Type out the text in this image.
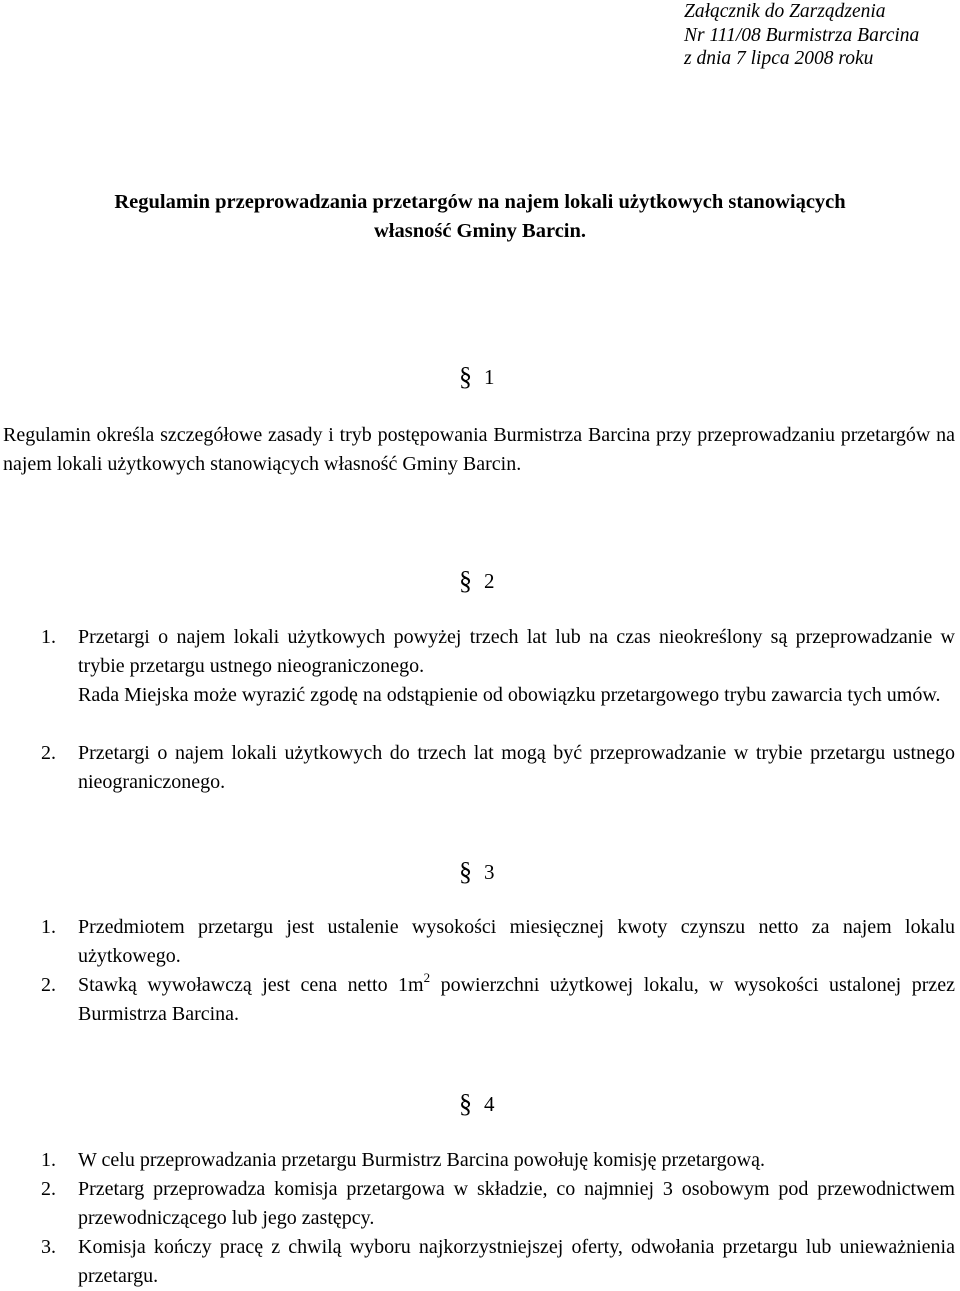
Załącznik do Zarządzenia
Nr 111/08 Burmistrza Barcina
z dnia 7 lipca 2008 roku
Regulamin przeprowadzania przetargów na najem lokali użytkowych stanowiących
własność Gminy Barcin.
§ 1
Regulamin określa szczegółowe zasady i tryb postępowania Burmistrza Barcina przy przeprowadzaniu przetargów na najem lokali użytkowych stanowiących własność Gminy Barcin.
§ 2
1.	Przetargi o najem lokali użytkowych powyżej trzech lat lub na czas nieokreślony są przeprowadzanie w trybie przetargu ustnego nieograniczonego.
Rada Miejska może wyrazić zgodę na odstąpienie od obowiązku przetargowego trybu zawarcia tych umów.
2.	Przetargi o najem lokali użytkowych do trzech lat mogą być przeprowadzanie w trybie przetargu ustnego nieograniczonego.
§ 3
1.	Przedmiotem przetargu jest ustalenie wysokości miesięcznej kwoty czynszu netto za najem lokalu użytkowego.
2.	Stawką wywoławczą jest cena netto $1m^2$ powierzchni użytkowej lokalu, w wysokości ustalonej przez Burmistrza Barcina.
§ 4
1.	W celu przeprowadzania przetargu Burmistrz Barcina powołuję komisję przetargową.
2.	Przetarg przeprowadza komisja przetargowa w składzie, co najmniej 3 osobowym pod przewodnictwem przewodniczącego lub jego zastępcy.
3.	Komisja kończy pracę z chwilą wyboru najkorzystniejszej oferty, odwołania przetargu lub unieważnienia przetargu.
